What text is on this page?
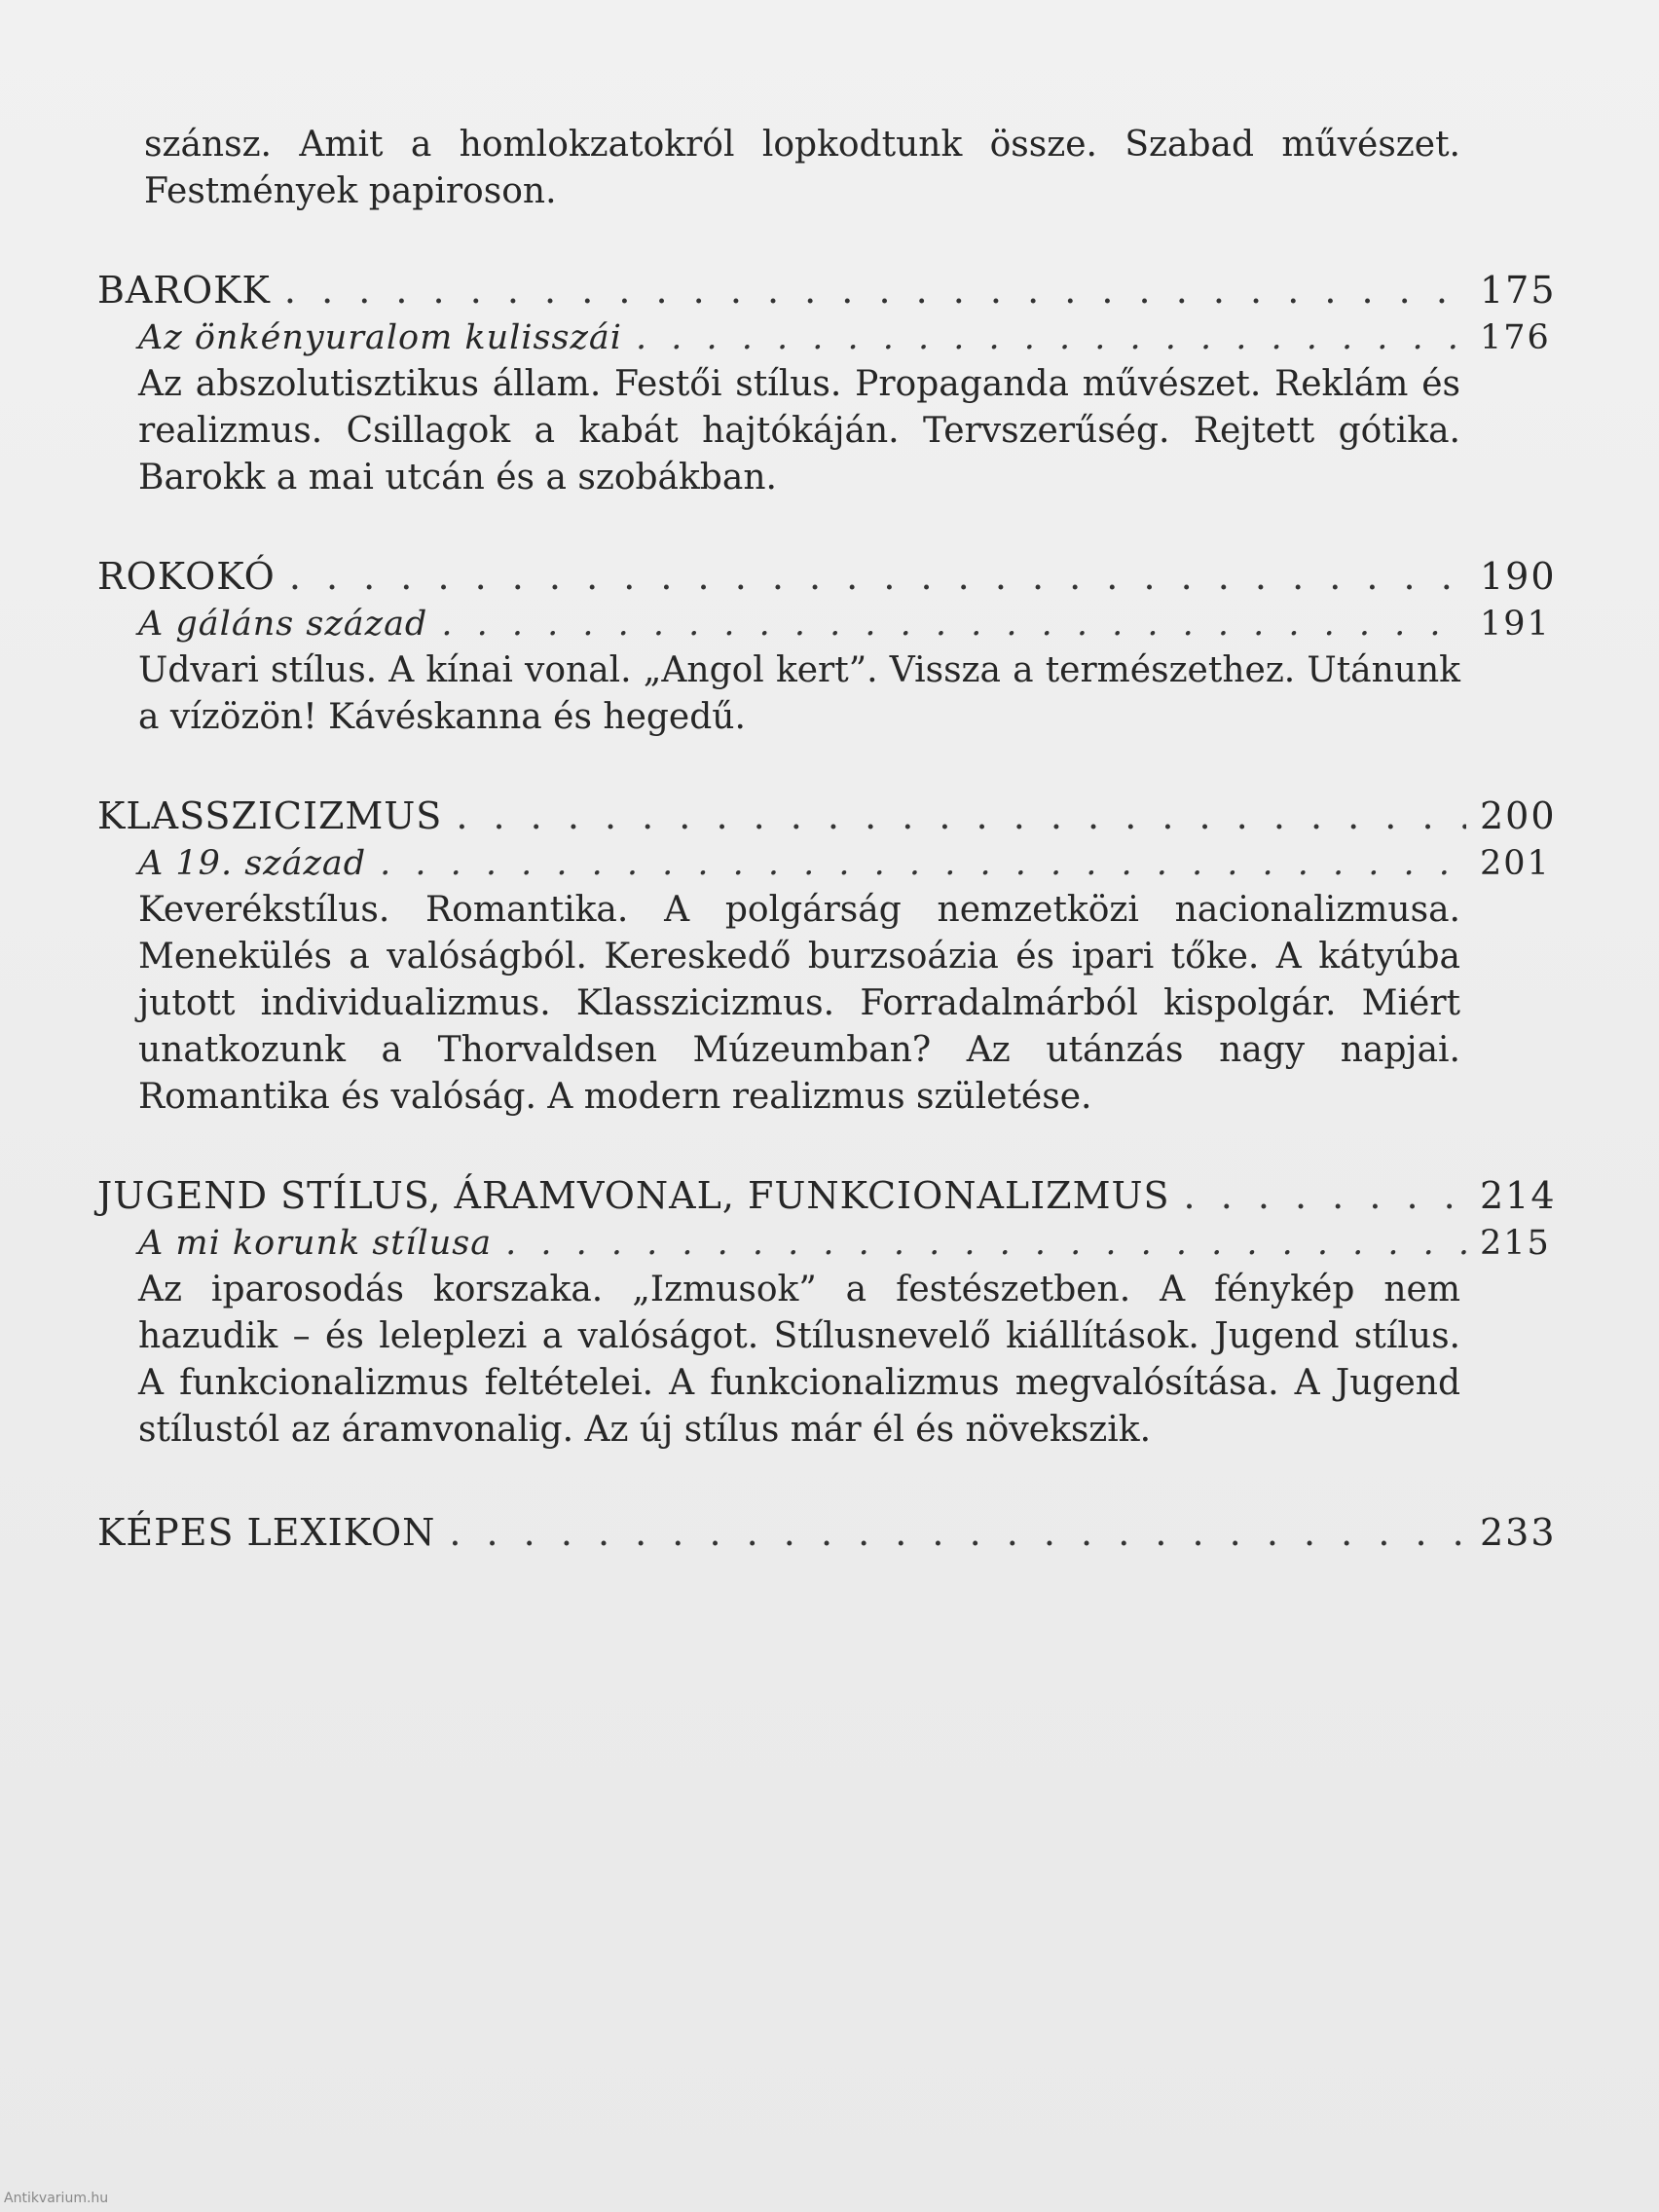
szánsz. Amit a homlokzatokról lopkodtunk össze. Szabad művészet. Festmények papiroson.

BAROKK . . .	175
Az önkényuralom kulisszái . . .	176

Az abszolutisztikus állam. Festői stílus. Propaganda művészet. Reklám és realizmus. Csillagok a kabát hajtókáján. Tervszerűség. Rejtett gótika. Barokk a mai utcán és a szobákban.

ROKOKÓ . . .	190
A gáláns század . . .	191

Udvari stílus. A kínai vonal. „Angol kert”. Vissza a természethez. Utánunk a vízözön! Kávéskanna és hegedű.

KLASSZICIZMUS . . .	200
A 19. század . . .	201

Keverékstílus. Romantika. A polgárság nemzetközi nacionalizmusa. Menekülés a valóságból. Kereskedő burzsoázia és ipari tőke. A kátyúba jutott individualizmus. Klasszicizmus. Forradalmárból kispolgár. Miért unatkozunk a Thorvaldsen Múzeumban? Az utánzás nagy napjai. Romantika és valóság. A modern realizmus születése.

JUGEND STÍLUS, ÁRAMVONAL, FUNKCIONALIZMUS . . .	214
A mi korunk stílusa . . .	215

Az iparosodás korszaka. „Izmusok” a festészetben. A fénykép nem hazudik – és leleplezi a valóságot. Stílusnevelő kiállítások. Jugend stílus. A funkcionalizmus feltételei. A funkcionalizmus megvalósítása. A Jugend stílustól az áramvonalig. Az új stílus már él és növekszik.

KÉPES LEXIKON . . .	233
Antikvarium.hu
